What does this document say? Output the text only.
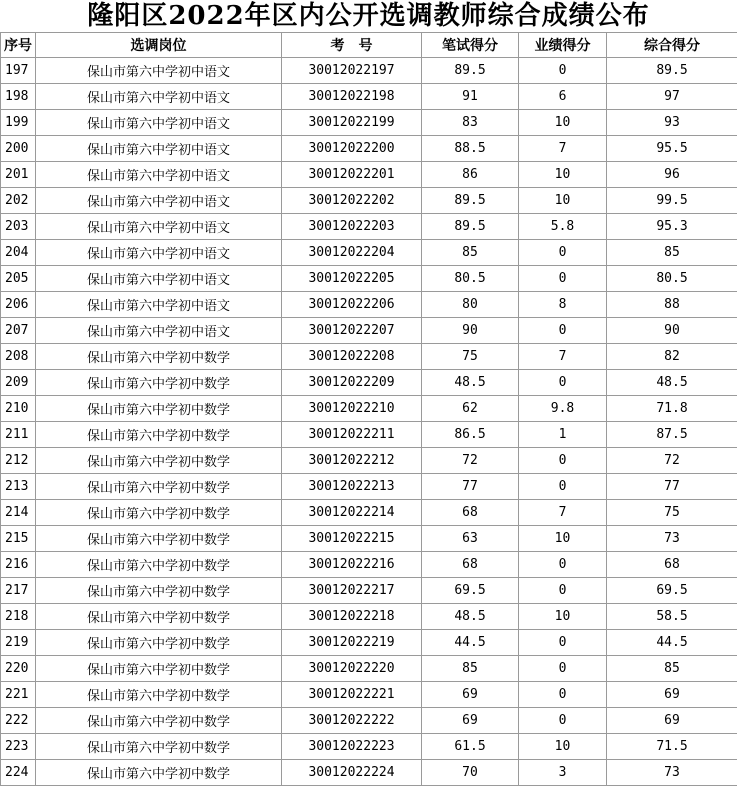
隆阳区2022年区内公开选调教师综合成绩公布
序号	选调岗位	考　号	笔试得分	业绩得分	综合得分
197	保山市第六中学初中语文	30012022197	89.5	0	89.5
198	保山市第六中学初中语文	30012022198	91	6	97
199	保山市第六中学初中语文	30012022199	83	10	93
200	保山市第六中学初中语文	30012022200	88.5	7	95.5
201	保山市第六中学初中语文	30012022201	86	10	96
202	保山市第六中学初中语文	30012022202	89.5	10	99.5
203	保山市第六中学初中语文	30012022203	89.5	5.8	95.3
204	保山市第六中学初中语文	30012022204	85	0	85
205	保山市第六中学初中语文	30012022205	80.5	0	80.5
206	保山市第六中学初中语文	30012022206	80	8	88
207	保山市第六中学初中语文	30012022207	90	0	90
208	保山市第六中学初中数学	30012022208	75	7	82
209	保山市第六中学初中数学	30012022209	48.5	0	48.5
210	保山市第六中学初中数学	30012022210	62	9.8	71.8
211	保山市第六中学初中数学	30012022211	86.5	1	87.5
212	保山市第六中学初中数学	30012022212	72	0	72
213	保山市第六中学初中数学	30012022213	77	0	77
214	保山市第六中学初中数学	30012022214	68	7	75
215	保山市第六中学初中数学	30012022215	63	10	73
216	保山市第六中学初中数学	30012022216	68	0	68
217	保山市第六中学初中数学	30012022217	69.5	0	69.5
218	保山市第六中学初中数学	30012022218	48.5	10	58.5
219	保山市第六中学初中数学	30012022219	44.5	0	44.5
220	保山市第六中学初中数学	30012022220	85	0	85
221	保山市第六中学初中数学	30012022221	69	0	69
222	保山市第六中学初中数学	30012022222	69	0	69
223	保山市第六中学初中数学	30012022223	61.5	10	71.5
224	保山市第六中学初中数学	30012022224	70	3	73
